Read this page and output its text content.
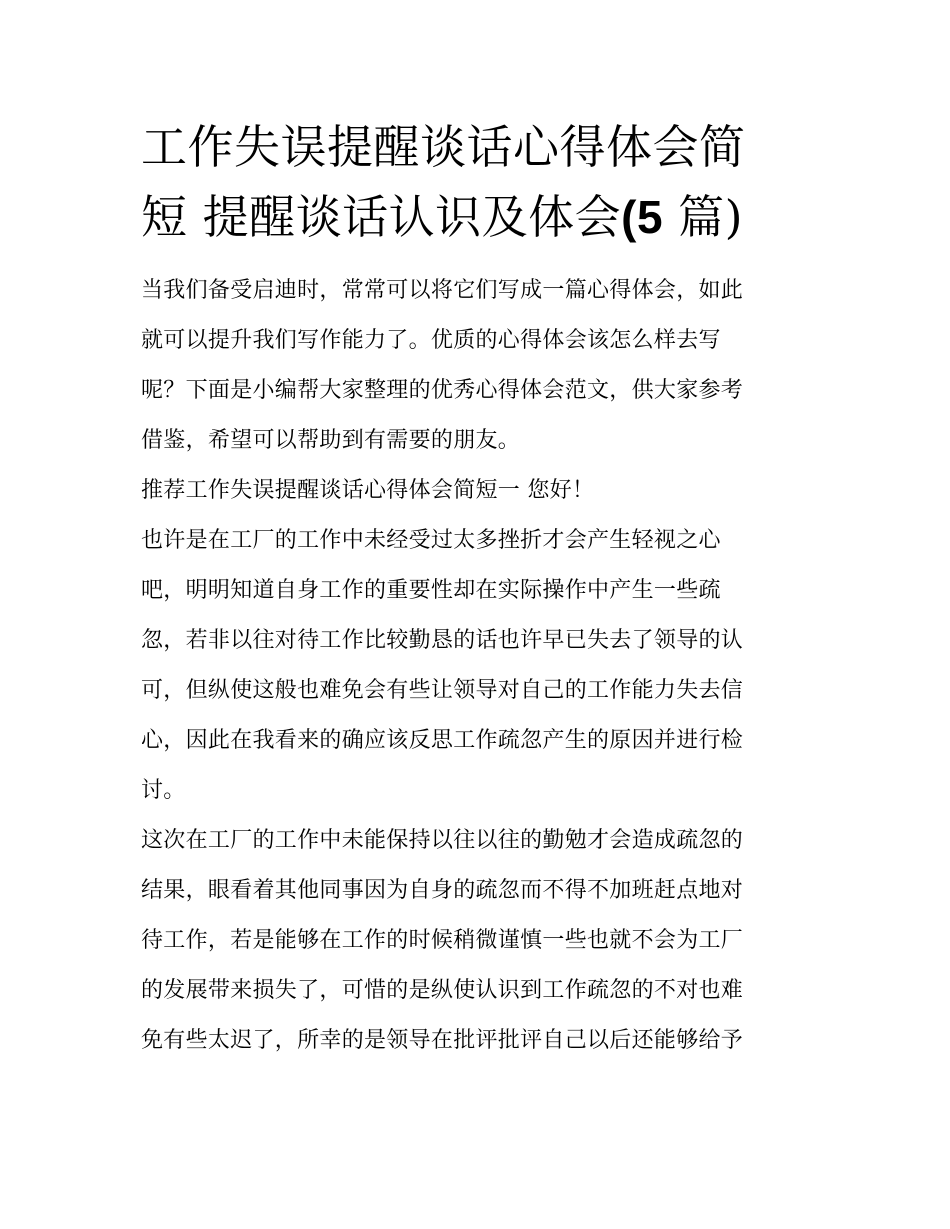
工作失误提醒谈话心得体会简
短 提醒谈话认识及体会(5 篇)

当我们备受启迪时，常常可以将它们写成一篇心得体会，如此
就可以提升我们写作能力了。优质的心得体会该怎么样去写
呢？下面是小编帮大家整理的优秀心得体会范文，供大家参考
借鉴，希望可以帮助到有需要的朋友。

推荐工作失误提醒谈话心得体会简短一 您好！

也许是在工厂的工作中未经受过太多挫折才会产生轻视之心
吧，明明知道自身工作的重要性却在实际操作中产生一些疏
忽，若非以往对待工作比较勤恳的话也许早已失去了领导的认
可，但纵使这般也难免会有些让领导对自己的工作能力失去信
心，因此在我看来的确应该反思工作疏忽产生的原因并进行检
讨。

这次在工厂的工作中未能保持以往以往的勤勉才会造成疏忽的
结果，眼看着其他同事因为自身的疏忽而不得不加班赶点地对
待工作，若是能够在工作的时候稍微谨慎一些也就不会为工厂
的发展带来损失了，可惜的是纵使认识到工作疏忽的不对也难
免有些太迟了，所幸的是领导在批评批评自己以后还能够给予
